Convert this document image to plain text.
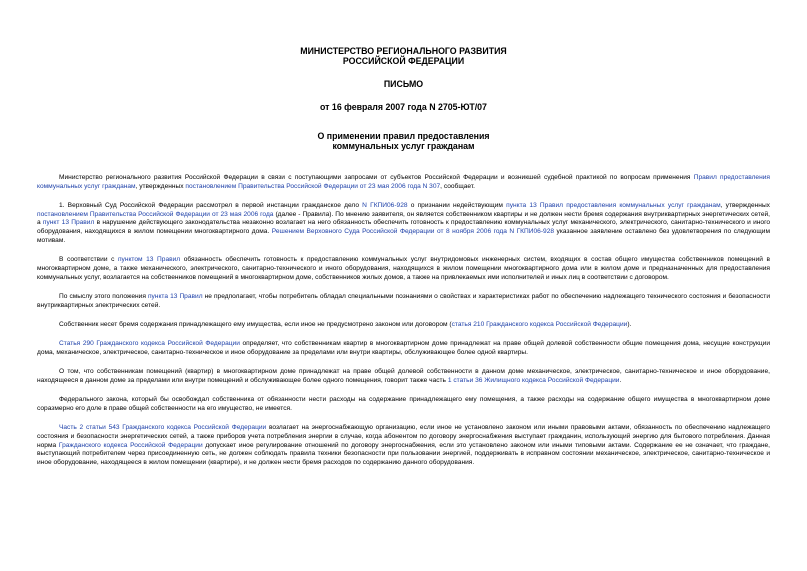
МИНИСТЕРСТВО РЕГИОНАЛЬНОГО РАЗВИТИЯ
РОССИЙСКОЙ ФЕДЕРАЦИИ
ПИСЬМО
от 16 февраля 2007 года N 2705-ЮТ/07
О применении правил предоставления
коммунальных услуг гражданам

Министерство регионального развития Российской Федерации в связи с поступающими запросами от субъектов Российской Федерации и возникшей судебной практикой по вопросам применения Правил предоставления коммунальных услуг гражданам, утвержденных постановлением Правительства Российской Федерации от 23 мая 2006 года N 307, сообщает.

1. Верховный Суд Российской Федерации рассмотрел в первой инстанции гражданское дело N ГКПИ06-928 о признании недействующим пункта 13 Правил предоставления коммунальных услуг гражданам, утвержденных постановлением Правительства Российской Федерации от 23 мая 2006 года (далее - Правила). По мнению заявителя, он является собственником квартиры и не должен нести бремя содержания внутриквартирных энергетических сетей, а пункт 13 Правил в нарушение действующего законодательства незаконно возлагает на него обязанность обеспечить готовность к предоставлению коммунальных услуг механического, электрического, санитарно-технического и иного оборудования, находящихся в жилом помещении многоквартирного дома. Решением Верховного Суда Российской Федерации от 8 ноября 2006 года N ГКПИ06-928 указанное заявление оставлено без удовлетворения по следующим мотивам.

В соответствии с пунктом 13 Правил обязанность обеспечить готовность к предоставлению коммунальных услуг внутридомовых инженерных систем, входящих в состав общего имущества собственников помещений в многоквартирном доме, а также механического, электрического, санитарно-технического и иного оборудования, находящихся в жилом помещении многоквартирного дома или в жилом доме и предназначенных для предоставления коммунальных услуг, возлагается на собственников помещений в многоквартирном доме, собственников жилых домов, а также на привлекаемых ими исполнителей и иных лиц в соответствии с договором.

По смыслу этого положения пункта 13 Правил не предполагает, чтобы потребитель обладал специальными познаниями о свойствах и характеристиках работ по обеспечению надлежащего технического состояния и безопасности внутриквартирных электрических сетей.

Собственник несет бремя содержания принадлежащего ему имущества, если иное не предусмотрено законом или договором (статья 210 Гражданского кодекса Российской Федерации).

Статья 290 Гражданского кодекса Российской Федерации определяет, что собственникам квартир в многоквартирном доме принадлежат на праве общей долевой собственности общие помещения дома, несущие конструкции дома, механическое, электрическое, санитарно-техническое и иное оборудование за пределами или внутри квартиры, обслуживающее более одной квартиры.

О том, что собственникам помещений (квартир) в многоквартирном доме принадлежат на праве общей долевой собственности в данном доме механическое, электрическое, санитарно-техническое и иное оборудование, находящееся в данном доме за пределами или внутри помещений и обслуживающее более одного помещения, говорит также часть 1 статьи 36 Жилищного кодекса Российской Федерации.

Федерального закона, который бы освобождал собственника от обязанности нести расходы на содержание принадлежащего ему помещения, а также расходы на содержание общего имущества в многоквартирном доме соразмерно его доле в праве общей собственности на его имущество, не имеется.

Часть 2 статьи 543 Гражданского кодекса Российской Федерации возлагает на энергоснабжающую организацию, если иное не установлено законом или иными правовыми актами, обязанность по обеспечению надлежащего состояния и безопасности энергетических сетей, а также приборов учета потребления энергии в случае, когда абонентом по договору энергоснабжения выступает гражданин, использующий энергию для бытового потребления. Данная норма Гражданского кодекса Российской Федерации допускает иное регулирование отношений по договору энергоснабжения, если это установлено законом или иными типовыми актами. Содержание ее не означает, что граждане, выступающий потребителем через присоединенную сеть, не должен соблюдать правила техники безопасности при пользовании энергией, поддерживать в исправном состоянии механическое, электрическое, санитарно-техническое и иное оборудование, находящееся в жилом помещении (квартире), и не должен нести бремя расходов по содержанию данного оборудования.
